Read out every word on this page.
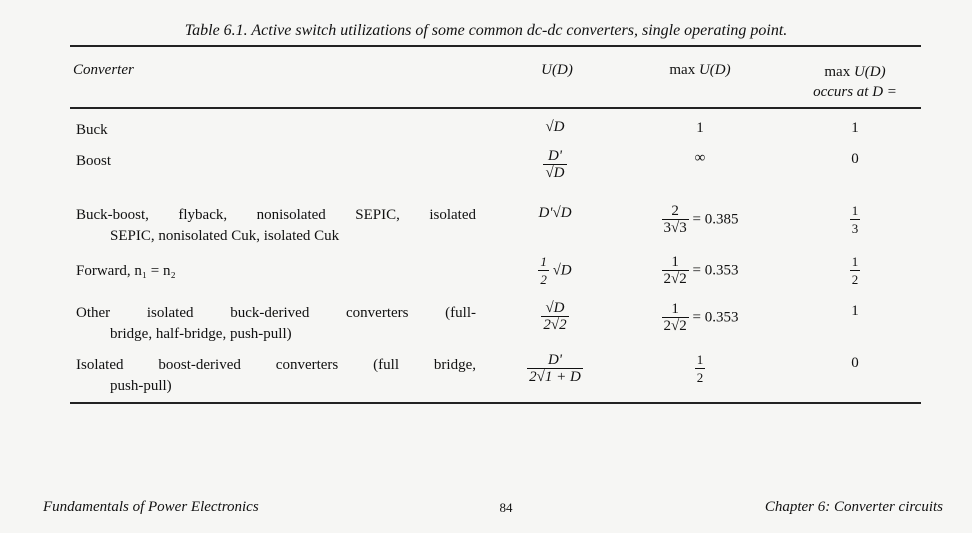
Table 6.1. Active switch utilizations of some common dc-dc converters, single operating point.
Converter	U(D)	max U(D)	max U(D)
occurs at D =
Buck	√D	1	1
Boost	$\frac{D'}{√D}$	∞	0
Buck-boost, flyback, nonisolated SEPIC, isolated
SEPIC, nonisolated Cuk, isolated Cuk
D'√D	$\frac{2}{3√3} = 0.385$	$\frac{1}{3}$
Forward, n₁ = n₂	$\frac{1}{2} √D$	$\frac{1}{2√2} = 0.353$	$\frac{1}{2}$
Other isolated buck-derived converters (full-
bridge, half-bridge, push-pull)	$\frac{√D}{2√2}$	$\frac{1}{2√2} = 0.353$	1
Isolated boost-derived converters (full bridge,
push-pull)	$\frac{D'}{2√1 + D}$	$\frac{1}{2}$	0
Fundamentals of Power Electronics	84	Chapter 6: Converter circuits
